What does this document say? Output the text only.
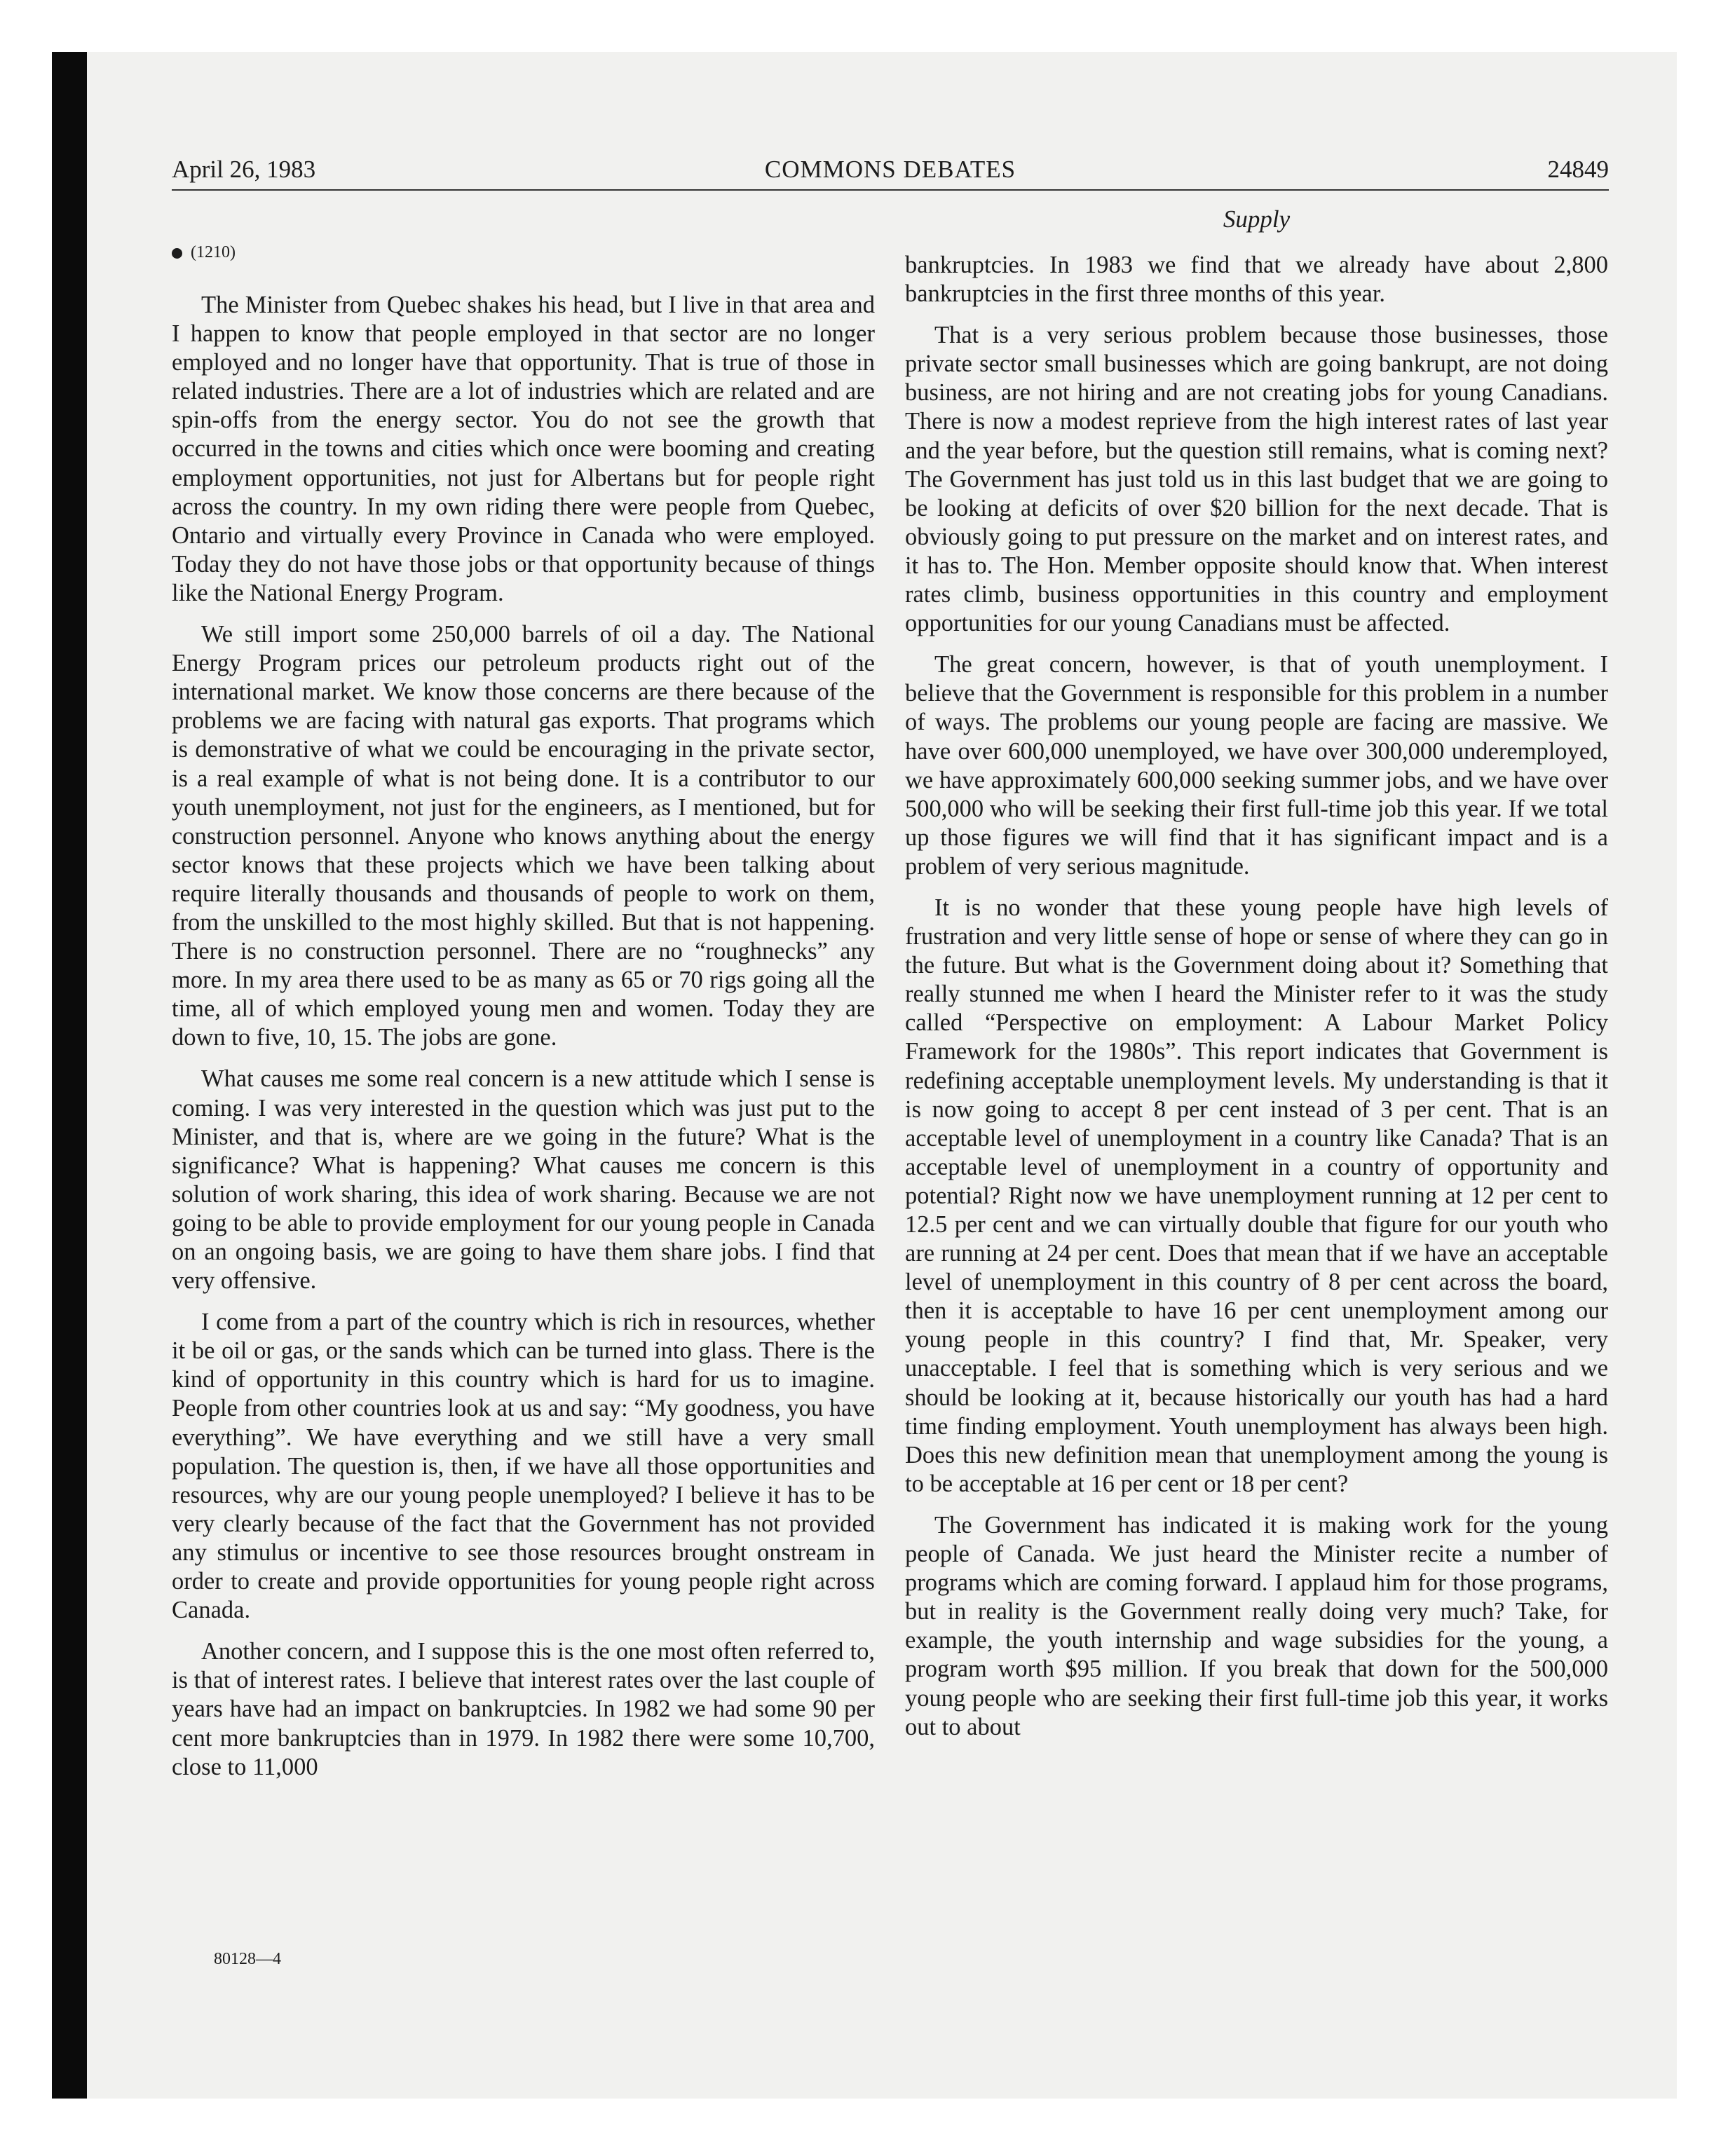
April 26, 1983	COMMONS DEBATES	24849
Supply
(1210)

The Minister from Quebec shakes his head, but I live in that area and I happen to know that people employed in that sector are no longer employed and no longer have that opportunity. That is true of those in related industries. There are a lot of industries which are related and are spin-offs from the energy sector. You do not see the growth that occurred in the towns and cities which once were booming and creating employment opportunities, not just for Albertans but for people right across the country. In my own riding there were people from Quebec, Ontario and virtually every Province in Canada who were employed. Today they do not have those jobs or that opportunity because of things like the National Energy Program.

We still import some 250,000 barrels of oil a day. The National Energy Program prices our petroleum products right out of the international market. We know those concerns are there because of the problems we are facing with natural gas exports. That programs which is demonstrative of what we could be encouraging in the private sector, is a real example of what is not being done. It is a contributor to our youth unemployment, not just for the engineers, as I mentioned, but for construction personnel. Anyone who knows anything about the energy sector knows that these projects which we have been talking about require literally thousands and thousands of people to work on them, from the unskilled to the most highly skilled. But that is not happening. There is no construction personnel. There are no “roughnecks” any more. In my area there used to be as many as 65 or 70 rigs going all the time, all of which employed young men and women. Today they are down to five, 10, 15. The jobs are gone.

What causes me some real concern is a new attitude which I sense is coming. I was very interested in the question which was just put to the Minister, and that is, where are we going in the future? What is the significance? What is happening? What causes me concern is this solution of work sharing, this idea of work sharing. Because we are not going to be able to provide employment for our young people in Canada on an ongoing basis, we are going to have them share jobs. I find that very offensive.

I come from a part of the country which is rich in resources, whether it be oil or gas, or the sands which can be turned into glass. There is the kind of opportunity in this country which is hard for us to imagine. People from other countries look at us and say: “My goodness, you have everything”. We have everything and we still have a very small population. The question is, then, if we have all those opportunities and resources, why are our young people unemployed? I believe it has to be very clearly because of the fact that the Government has not provided any stimulus or incentive to see those resources brought onstream in order to create and provide opportunities for young people right across Canada.

Another concern, and I suppose this is the one most often referred to, is that of interest rates. I believe that interest rates over the last couple of years have had an impact on bankruptcies. In 1982 we had some 90 per cent more bankruptcies than in 1979. In 1982 there were some 10,700, close to 11,000

bankruptcies. In 1983 we find that we already have about 2,800 bankruptcies in the first three months of this year.

That is a very serious problem because those businesses, those private sector small businesses which are going bankrupt, are not doing business, are not hiring and are not creating jobs for young Canadians. There is now a modest reprieve from the high interest rates of last year and the year before, but the question still remains, what is coming next? The Government has just told us in this last budget that we are going to be looking at deficits of over $20 billion for the next decade. That is obviously going to put pressure on the market and on interest rates, and it has to. The Hon. Member opposite should know that. When interest rates climb, business opportunities in this country and employment opportunities for our young Canadians must be affected.

The great concern, however, is that of youth unemployment. I believe that the Government is responsible for this problem in a number of ways. The problems our young people are facing are massive. We have over 600,000 unemployed, we have over 300,000 underemployed, we have approximately 600,000 seeking summer jobs, and we have over 500,000 who will be seeking their first full-time job this year. If we total up those figures we will find that it has significant impact and is a problem of very serious magnitude.

It is no wonder that these young people have high levels of frustration and very little sense of hope or sense of where they can go in the future. But what is the Government doing about it? Something that really stunned me when I heard the Minister refer to it was the study called “Perspective on employment: A Labour Market Policy Framework for the 1980s”. This report indicates that Government is redefining acceptable unemployment levels. My understanding is that it is now going to accept 8 per cent instead of 3 per cent. That is an acceptable level of unemployment in a country like Canada? That is an acceptable level of unemployment in a country of opportunity and potential? Right now we have unemployment running at 12 per cent to 12.5 per cent and we can virtually double that figure for our youth who are running at 24 per cent. Does that mean that if we have an acceptable level of unemployment in this country of 8 per cent across the board, then it is acceptable to have 16 per cent unemployment among our young people in this country? I find that, Mr. Speaker, very unacceptable. I feel that is something which is very serious and we should be looking at it, because historically our youth has had a hard time finding employment. Youth unemployment has always been high. Does this new definition mean that unemployment among the young is to be acceptable at 16 per cent or 18 per cent?

The Government has indicated it is making work for the young people of Canada. We just heard the Minister recite a number of programs which are coming forward. I applaud him for those programs, but in reality is the Government really doing very much? Take, for example, the youth internship and wage subsidies for the young, a program worth $95 million. If you break that down for the 500,000 young people who are seeking their first full-time job this year, it works out to about

80128—4
